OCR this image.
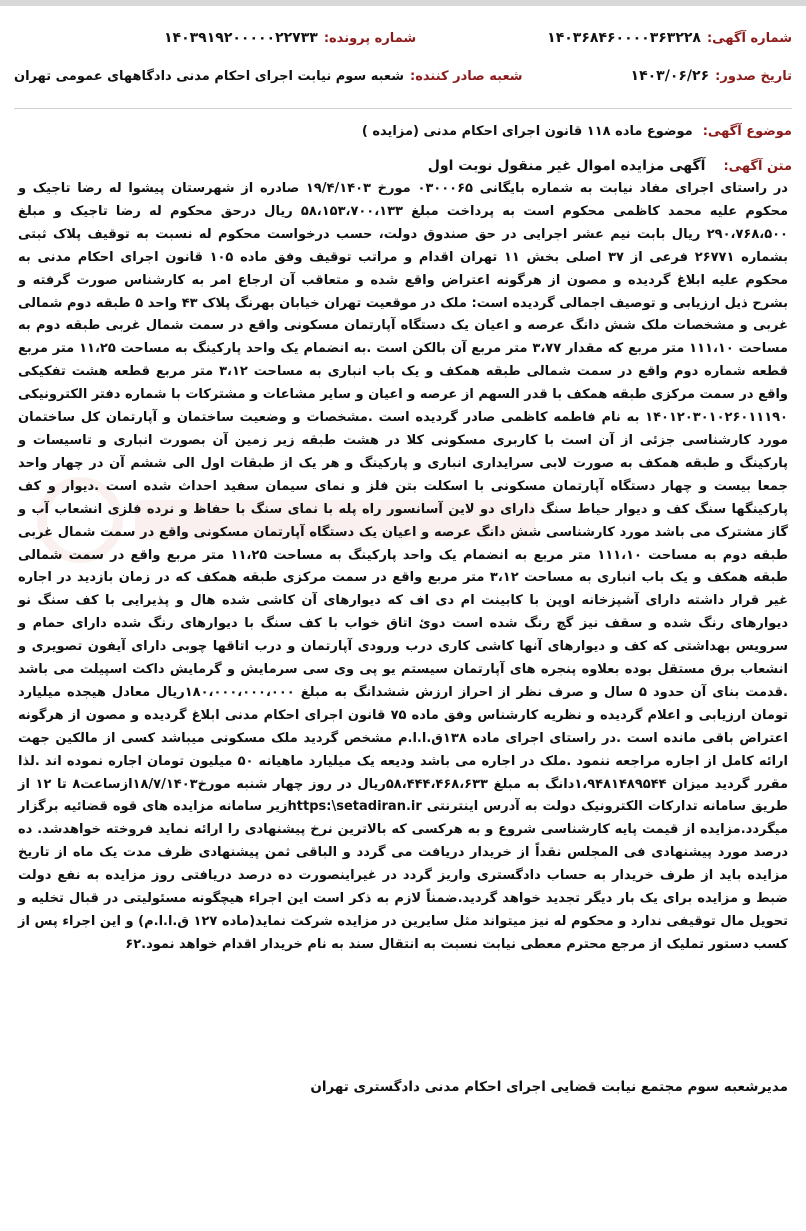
شماره آگهی:
۱۴۰۳۶۸۴۶۰۰۰۰۳۶۳۲۲۸
شماره پرونده:
۱۴۰۳۹۱۹۲۰۰۰۰۰۲۲۷۳۳
تاریخ صدور:
۱۴۰۳/۰۶/۲۶
شعبه صادر کننده:
شعبه سوم نیابت اجرای احکام مدنی دادگاههای عمومی تهران
موضوع آگهی:
موضوع ماده ۱۱۸ قانون اجرای احکام مدنی (مزایده )
متن آگهی:
آگهی مزایده اموال غیر منقول نوبت اول
در راستای اجرای مفاد نیابت به شماره بایگانی ۰۳۰۰۰۶۵ مورخ ۱۹/۴/۱۴۰۳ صادره از شهرستان پیشوا له رضا تاجیک و محکوم علیه محمد کاظمی محکوم است به پرداخت مبلغ ۵۸،۱۵۳،۷۰۰،۱۳۳ ریال درحق محکوم له رضا تاجیک و مبلغ ۲۹۰،۷۶۸،۵۰۰ ریال بابت نیم عشر اجرایی در حق صندوق دولت، حسب درخواست محکوم له نسبت به توقیف پلاک ثبتی بشماره ۲۶۷۷۱ فرعی از ۳۷ اصلی بخش ۱۱ تهران اقدام و مراتب توقیف وفق ماده ۱۰۵ قانون اجرای احکام مدنی به محکوم علیه ابلاغ گردیده و مصون از هرگونه اعتراض واقع شده و متعاقب آن ارجاع امر به کارشناس صورت گرفته و بشرح ذیل ارزیابی و توصیف اجمالی گردیده است: ملک در موقعیت تهران خیابان بهرنگ پلاک ۴۳ واحد ۵ طبقه دوم شمالی غربی و مشخصات ملک شش دانگ عرصه و اعیان یک دستگاه آپارتمان مسکونی واقع در سمت شمال غربی طبقه دوم به مساحت ۱۱۱،۱۰ متر مربع که مقدار ۳،۷۷ متر مربع آن بالکن است .به انضمام یک واحد پارکینگ به مساحت ۱۱،۲۵ متر مربع قطعه شماره دوم واقع در سمت شمالی طبقه همکف و یک باب انباری به مساحت ۳،۱۲ متر مربع قطعه هشت تفکیکی واقع در سمت مرکزی طبقه همکف با قدر السهم از عرصه و اعیان و سایر مشاعات و مشترکات با شماره دفتر الکترونیکی ۱۴۰۱۲۰۳۰۱۰۲۶۰۱۱۱۹۰ به نام فاطمه کاظمی صادر گردیده است .مشخصات و وضعیت ساختمان و آپارتمان کل ساختمان مورد کارشناسی جزئی از آن است با کاربری مسکونی کلا در هشت طبقه زیر زمین آن بصورت انباری و تاسیسات و پارکینگ و طبقه همکف به صورت لابی سرایداری انباری و پارکینگ و هر یک از طبقات اول الی ششم آن در چهار واحد جمعا بیست و چهار دستگاه آپارتمان مسکونی با اسکلت بتن فلز و نمای سیمان سفید احداث شده است .دیوار و کف پارکینگها سنگ کف و دیوار حیاط سنگ دارای دو لاین آسانسور راه پله با نمای سنگ با حفاظ و نرده فلزی انشعاب آب و گاز مشترک می باشد مورد کارشناسی شش دانگ عرصه و اعیان یک دستگاه آپارتمان مسکونی واقع در سمت شمال غربی طبقه دوم به مساحت ۱۱۱،۱۰ متر مربع به انضمام یک واحد پارکینگ به مساحت ۱۱،۲۵ متر مربع واقع در سمت شمالی طبقه همکف و یک باب انباری به مساحت ۳،۱۲ متر مربع واقع در سمت مرکزی طبقه همکف که در زمان بازدید در اجاره غیر قرار داشته دارای آشپزخانه اوپن با کابینت ام دی اف که دیوارهای آن کاشی شده هال و پذیرایی با کف سنگ نو دیوارهای رنگ شده و سقف نیز گچ رنگ شده است دوئ اتاق خواب با کف سنگ با دیوارهای رنگ شده دارای حمام و سرویس بهداشتی که کف و دیوارهای آنها کاشی کاری درب ورودی آپارتمان و درب اتاقها چوبی دارای آیفون تصویری و انشعاب برق مستقل بوده بعلاوه پنجره های آپارتمان سیستم یو پی وی سی سرمایش و گرمایش داکت اسپیلت می باشد .قدمت بنای آن حدود ۵ سال و صرف نظر از احراز ارزش ششدانگ به مبلغ ۱۸۰،۰۰۰،۰۰۰،۰۰۰ریال معادل هیجده میلیارد تومان ارزیابی و اعلام گردیده و نظریه کارشناس وفق ماده ۷۵ قانون اجرای احکام مدنی ابلاغ گردیده و مصون از هرگونه اعتراض باقی مانده است .در راستای اجرای ماده ۱۳۸ق.ا.ا.م مشخص گردید ملک مسکونی میباشد کسی از مالکین جهت ارائه کامل از اجاره مراجعه ننمود .ملک در اجاره می باشد ودیعه یک میلیارد ماهیانه ۵۰ میلیون تومان اجاره نموده اند .لذا مقرر گردید میزان ۱،۹۴۸۱۴۸۹۵۴۴دانگ به مبلغ ۵۸،۴۴۴،۴۶۸،۶۳۳ریال در روز چهار شنبه مورخ۱۸/۷/۱۴۰۳ازساعت۸ تا ۱۲ از طریق سامانه تدارکات الکترونیک دولت به آدرس اینترنتی https:\setadiran.irزیر سامانه مزایده های قوه قضائیه برگزار میگردد.مزایده از قیمت پایه کارشناسی شروع و به هرکسی که بالاترین نرخ پیشنهادی را ارائه نماید فروخته خواهدشد. ده درصد مورد پیشنهادی فی المجلس نقداً از خریدار دریافت می گردد و الباقی ثمن پیشنهادی ظرف مدت یک ماه از تاریخ مزایده باید از طرف خریدار به حساب دادگستری واریز گردد در غیراینصورت ده درصد دریافتی روز مزایده به نفع دولت ضبط و مزایده برای یک بار دیگر تجدید خواهد گردید.ضمناً لازم به ذکر است این اجراء هیچگونه مسئولیتی در قبال تخلیه و تحویل مال توقیفی ندارد و محکوم له نیز میتواند مثل سایرین در مزایده شرکت نماید(ماده ۱۲۷ ق.ا.ا.م) و این اجراء پس از کسب دستور تملیک از مرجع محترم معطی نیابت نسبت به انتقال سند به نام خریدار اقدام خواهد نمود.۶۲
مدیرشعبه سوم مجتمع نیابت قضایی اجرای احکام مدنی دادگستری تهران
